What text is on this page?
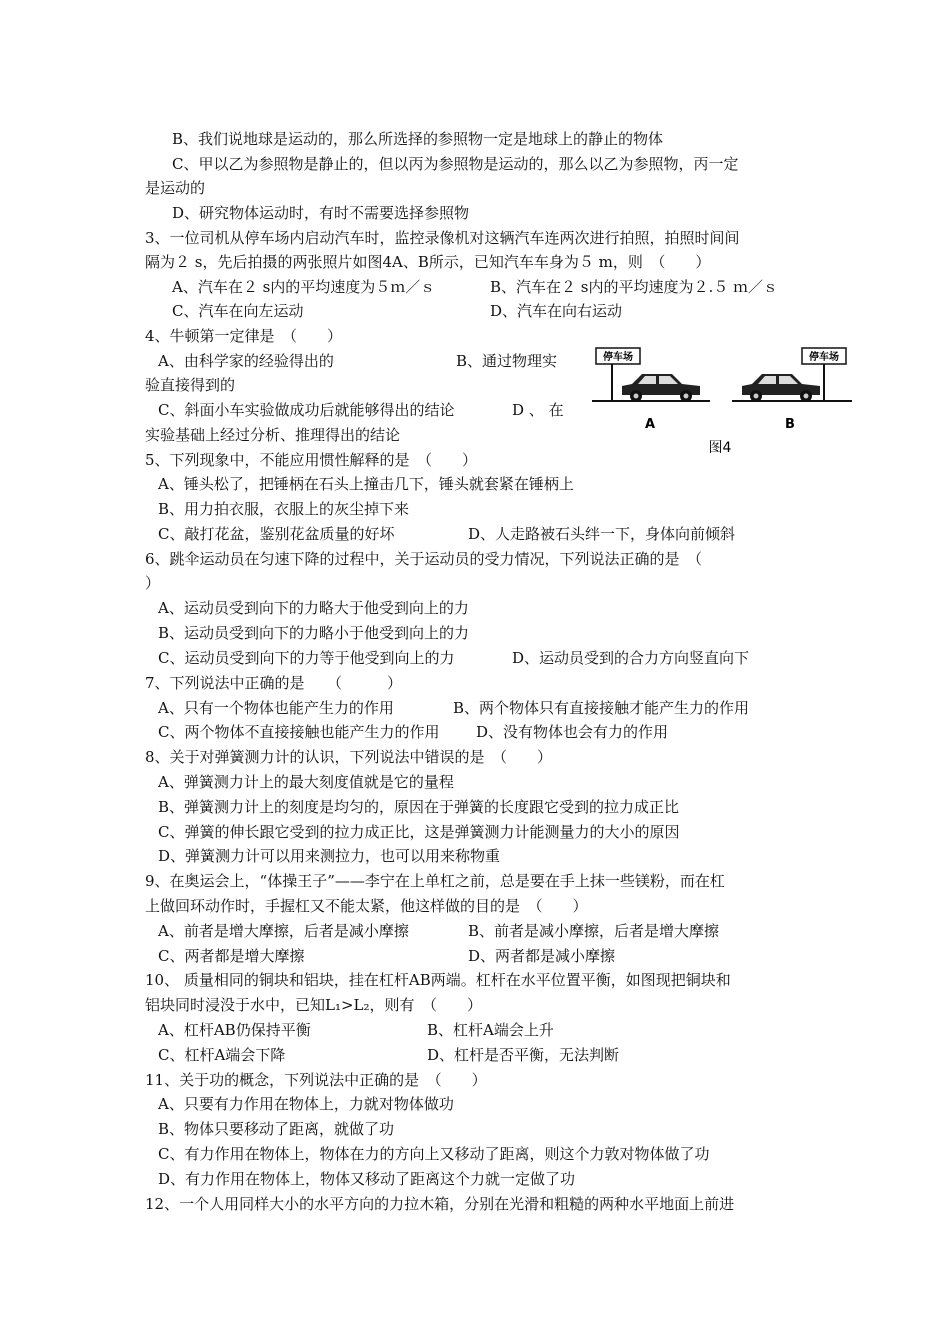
B、我们说地球是运动的，那么所选择的参照物一定是地球上的静止的物体
C、甲以乙为参照物是静止的，但以丙为参照物是运动的，那么以乙为参照物，丙一定
是运动的
D、研究物体运动时，有时不需要选择参照物
3、一位司机从停车场内启动汽车时，监控录像机对这辆汽车连两次进行拍照，拍照时间间
隔为２ s，先后拍摄的两张照片如图4A、B所示，已知汽车车身为５ m，则　（　　）
A、汽车在２ s内的平均速度为５ｍ／ｓ	B、汽车在２ s内的平均速度为２.５ ｍ／ｓ
C、汽车在向左运动	D、汽车在向右运动
4、牛顿第一定律是　（　　）
A、由科学家的经验得出的	B、通过物理实
验直接得到的
C、斜面小车实验做成功后就能够得出的结论	D 、 在
实验基础上经过分析、推理得出的结论
5、下列现象中，不能应用惯性解释的是　（　　）
A、锤头松了，把锤柄在石头上撞击几下，锤头就套紧在锤柄上
B、用力拍衣服，衣服上的灰尘掉下来
C、敲打花盆，鉴别花盆质量的好坏	D、人走路被石头绊一下，身体向前倾斜
6、跳伞运动员在匀速下降的过程中，关于运动员的受力情况，下列说法正确的是　（
）
A、运动员受到向下的力略大于他受到向上的力
B、运动员受到向下的力略小于他受到向上的力
C、运动员受到向下的力等于他受到向上的力	D、运动员受到的合力方向竖直向下
7、下列说法中正确的是　　（　　　）
A、只有一个物体也能产生力的作用	B、两个物体只有直接接触才能产生力的作用
C、两个物体不直接接触也能产生力的作用 D、没有物体也会有力的作用
8、关于对弹簧测力计的认识，下列说法中错误的是　（　　）
A、弹簧测力计上的最大刻度值就是它的量程
B、弹簧测力计上的刻度是均匀的，原因在于弹簧的长度跟它受到的拉力成正比
C、弹簧的伸长跟它受到的拉力成正比，这是弹簧测力计能测量力的大小的原因
D、弹簧测力计可以用来测拉力，也可以用来称物重
9、在奥运会上，“体操王子”——李宁在上单杠之前，总是要在手上抹一些镁粉，而在杠
上做回环动作时，手握杠又不能太紧，他这样做的目的是　（　　）
A、前者是增大摩擦，后者是减小摩擦	B、前者是减小摩擦，后者是增大摩擦
C、两者都是增大摩擦	D、两者都是减小摩擦
10、 质量相同的铜块和铝块，挂在杠杆AB两端。杠杆在水平位置平衡，如图现把铜块和
铝块同时浸没于水中，已知L₁>L₂，则有　（　　）
A、杠杆AB仍保持平衡	B、杠杆A端会上升
C、杠杆A端会下降	D、杠杆是否平衡，无法判断
11、关于功的概念，下列说法中正确的是　（　　）
A、只要有力作用在物体上，力就对物体做功
B、物体只要移动了距离，就做了功
C、有力作用在物体上，物体在力的方向上又移动了距离，则这个力敦对物体做了功
D、有力作用在物体上，物体又移动了距离这个力就一定做了功
12、一个人用同样大小的水平方向的力拉木箱，分别在光滑和粗糙的两种水平地面上前进
停车场	停车场
A	B
图4
